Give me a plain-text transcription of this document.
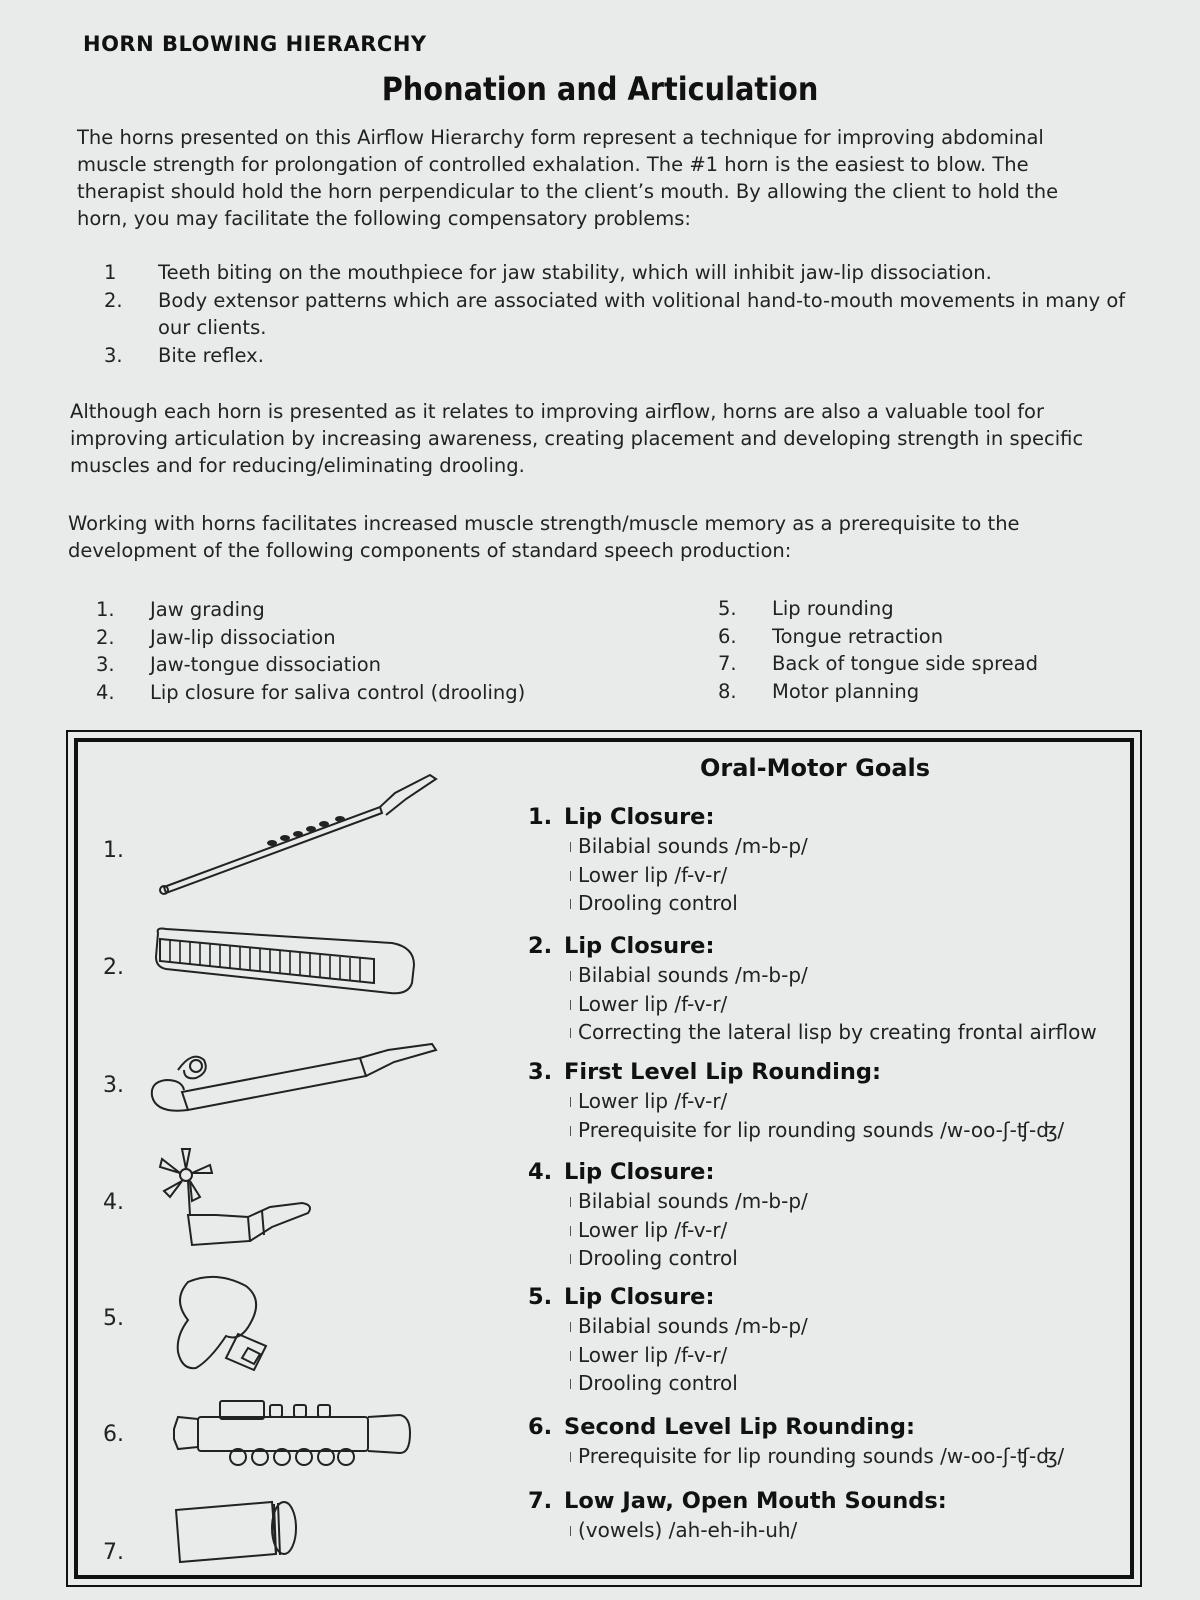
HORN BLOWING HIERARCHY
Phonation and Articulation

The horns presented on this Airflow Hierarchy form represent a technique for improving abdominal muscle strength for prolongation of controlled exhalation. The #1 horn is the easiest to blow. The therapist should hold the horn perpendicular to the client’s mouth. By allowing the client to hold the horn, you may facilitate the following compensatory problems:

1	Teeth biting on the mouthpiece for jaw stability, which will inhibit jaw-lip dissociation.
2.	Body extensor patterns which are associated with volitional hand-to-mouth movements in many of our clients.
3.	Bite reflex.

Although each horn is presented as it relates to improving airflow, horns are also a valuable tool for improving articulation by increasing awareness, creating placement and developing strength in specific muscles and for reducing/eliminating drooling.

Working with horns facilitates increased muscle strength/muscle memory as a prerequisite to the development of the following components of standard speech production:

1.	Jaw grading
2.	Jaw-lip dissociation
3.	Jaw-tongue dissociation
4.	Lip closure for saliva control (drooling)
5.	Lip rounding
6.	Tongue retraction
7.	Back of tongue side spread
8.	Motor planning
Oral-Motor Goals
1.
2.
3.
4.
5.
6.
7.
1. Lip Closure:
Bilabial sounds /m-b-p/
Lower lip /f-v-r/
Drooling control
2. Lip Closure:
Bilabial sounds /m-b-p/
Lower lip /f-v-r/
Correcting the lateral lisp by creating frontal airflow
3. First Level Lip Rounding:
Lower lip /f-v-r/
Prerequisite for lip rounding sounds /w-oo-ʃ-ʧ-ʤ/
4. Lip Closure:
Bilabial sounds /m-b-p/
Lower lip /f-v-r/
Drooling control
5. Lip Closure:
Bilabial sounds /m-b-p/
Lower lip /f-v-r/
Drooling control
6. Second Level Lip Rounding:
Prerequisite for lip rounding sounds /w-oo-ʃ-ʧ-ʤ/
7. Low Jaw, Open Mouth Sounds:
(vowels) /ah-eh-ih-uh/
